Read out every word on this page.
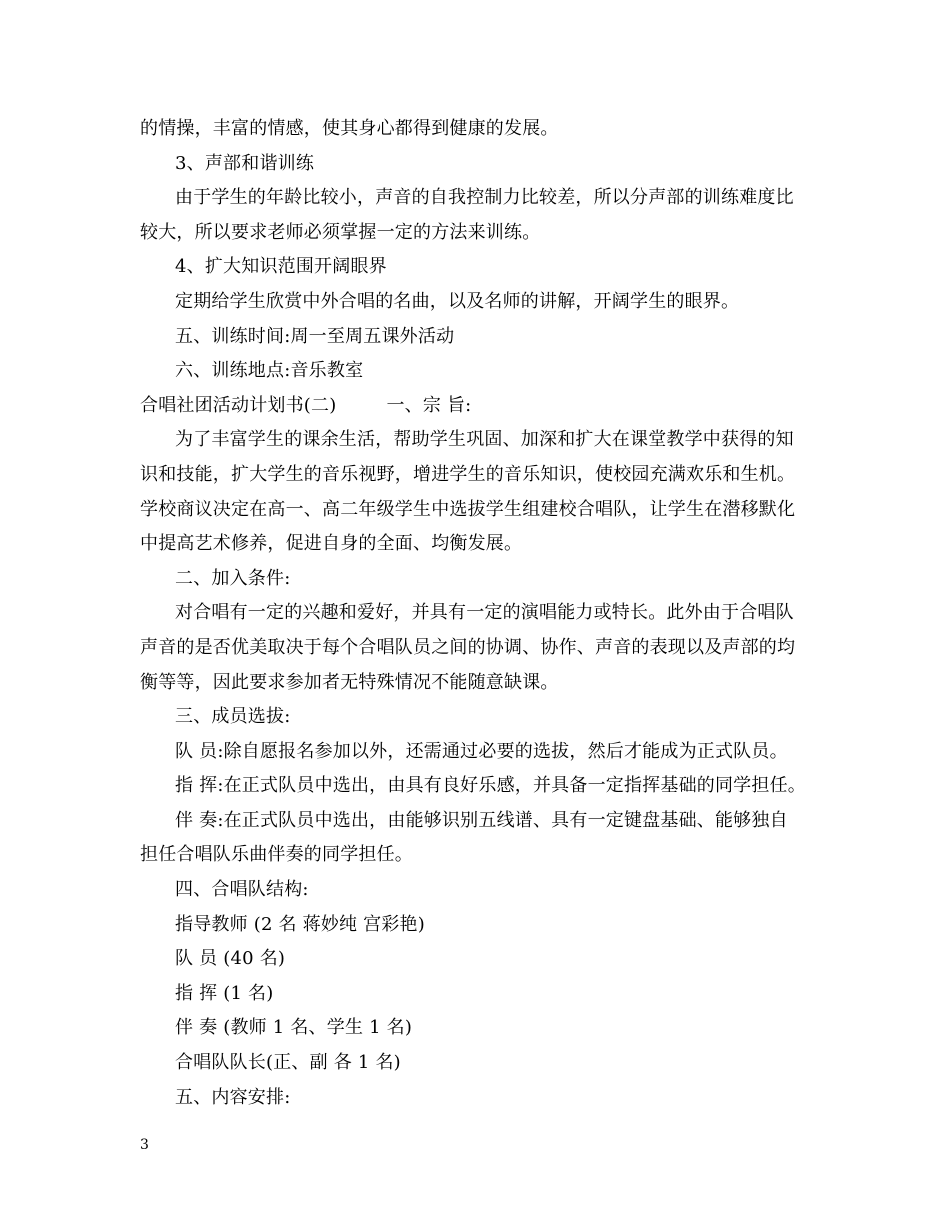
的情操，丰富的情感，使其身心都得到健康的发展。
3、声部和谐训练
由于学生的年龄比较小，声音的自我控制力比较差，所以分声部的训练难度比
较大，所以要求老师必须掌握一定的方法来训练。
4、扩大知识范围开阔眼界
定期给学生欣赏中外合唱的名曲，以及名师的讲解，开阔学生的眼界。
五、训练时间:周一至周五课外活动
六、训练地点:音乐教室
合唱社团活动计划书(二)	一、宗 旨:
为了丰富学生的课余生活，帮助学生巩固、加深和扩大在课堂教学中获得的知
识和技能，扩大学生的音乐视野，增进学生的音乐知识，使校园充满欢乐和生机。
学校商议决定在高一、高二年级学生中选拔学生组建校合唱队，让学生在潜移默化
中提高艺术修养，促进自身的全面、均衡发展。
二、加入条件:
对合唱有一定的兴趣和爱好，并具有一定的演唱能力或特长。此外由于合唱队
声音的是否优美取决于每个合唱队员之间的协调、协作、声音的表现以及声部的均
衡等等，因此要求参加者无特殊情况不能随意缺课。
三、成员选拔:
队 员:除自愿报名参加以外，还需通过必要的选拔，然后才能成为正式队员。
指 挥:在正式队员中选出，由具有良好乐感，并具备一定指挥基础的同学担任。
伴 奏:在正式队员中选出，由能够识别五线谱、具有一定键盘基础、能够独自
担任合唱队乐曲伴奏的同学担任。
四、合唱队结构:
指导教师 (2 名 蒋妙纯 宫彩艳)
队 员 (40 名)
指 挥 (1 名)
伴 奏 (教师 1 名、学生 1 名)
合唱队队长(正、副 各 1 名)
五、内容安排:
3
